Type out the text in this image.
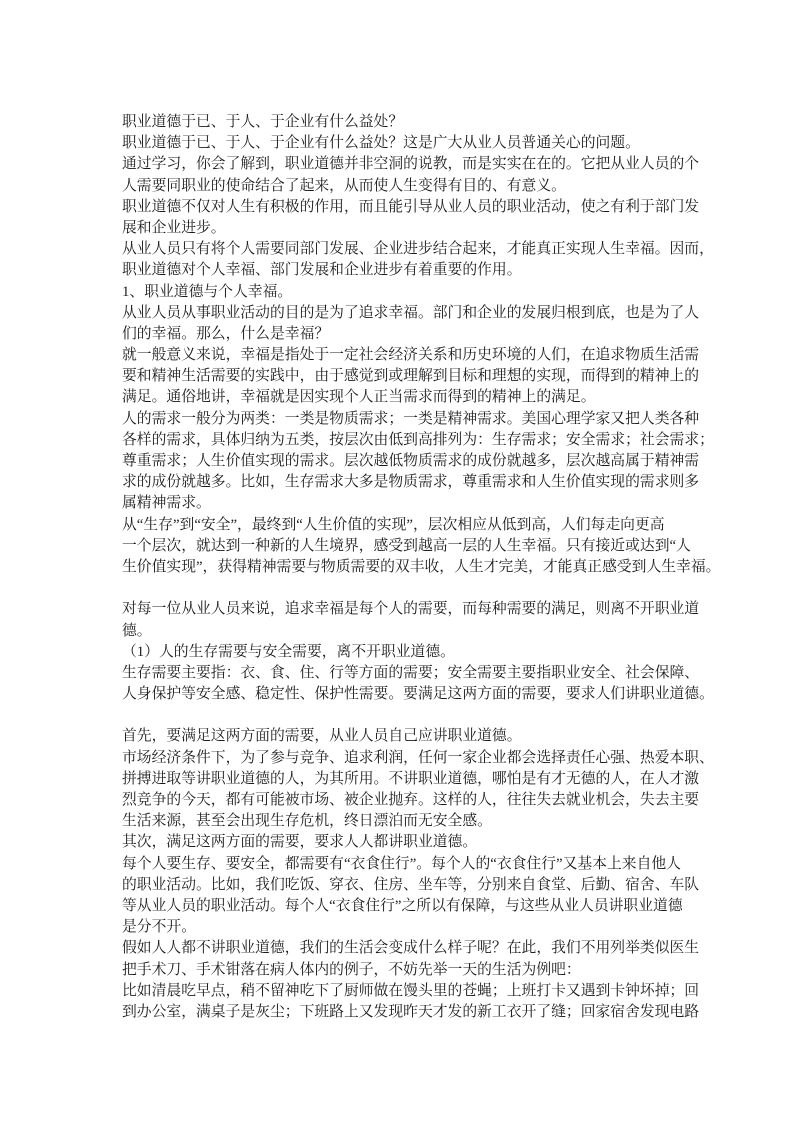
职业道德于已、于人、于企业有什么益处？
职业道德于已、于人、于企业有什么益处？这是广大从业人员普通关心的问题。
通过学习，你会了解到，职业道德并非空洞的说教，而是实实在在的。它把从业人员的个
人需要同职业的使命结合了起来，从而使人生变得有目的、有意义。
职业道德不仅对人生有积极的作用，而且能引导从业人员的职业活动，使之有利于部门发
展和企业进步。
从业人员只有将个人需要同部门发展、企业进步结合起来，才能真正实现人生幸福。因而，
职业道德对个人幸福、部门发展和企业进步有着重要的作用。
1、职业道德与个人幸福。
从业人员从事职业活动的目的是为了追求幸福。部门和企业的发展归根到底，也是为了人
们的幸福。那么，什么是幸福？
就一般意义来说，幸福是指处于一定社会经济关系和历史环境的人们，在追求物质生活需
要和精神生活需要的实践中，由于感觉到或理解到目标和理想的实现，而得到的精神上的
满足。通俗地讲，幸福就是因实现个人正当需求而得到的精神上的满足。
人的需求一般分为两类：一类是物质需求；一类是精神需求。美国心理学家又把人类各种
各样的需求，具体归纳为五类，按层次由低到高排列为：生存需求；安全需求；社会需求；
尊重需求；人生价值实现的需求。层次越低物质需求的成份就越多，层次越高属于精神需
求的成份就越多。比如，生存需求大多是物质需求，尊重需求和人生价值实现的需求则多
属精神需求。
从“生存”到“安全”，最终到“人生价值的实现”，层次相应从低到高，人们每走向更高
一个层次，就达到一种新的人生境界，感受到越高一层的人生幸福。只有接近或达到“人
生价值实现”，获得精神需要与物质需要的双丰收，人生才完美，才能真正感受到人生幸福。

对每一位从业人员来说，追求幸福是每个人的需要，而每种需要的满足，则离不开职业道
德。
（1）人的生存需要与安全需要，离不开职业道德。
生存需要主要指：衣、食、住、行等方面的需要；安全需要主要指职业安全、社会保障、
人身保护等安全感、稳定性、保护性需要。要满足这两方面的需要，要求人们讲职业道德。

首先，要满足这两方面的需要，从业人员自己应讲职业道德。
市场经济条件下，为了参与竞争、追求利润，任何一家企业都会选择责任心强、热爱本职、
拼搏进取等讲职业道德的人，为其所用。不讲职业道德，哪怕是有才无德的人，在人才激
烈竞争的今天，都有可能被市场、被企业抛弃。这样的人，往往失去就业机会，失去主要
生活来源，甚至会出现生存危机，终日漂泊而无安全感。
其次，满足这两方面的需要，要求人人都讲职业道德。
每个人要生存、要安全，都需要有“衣食住行”。每个人的“衣食住行”又基本上来自他人
的职业活动。比如，我们吃饭、穿衣、住房、坐车等，分别来自食堂、后勤、宿舍、车队
等从业人员的职业活动。每个人“衣食住行”之所以有保障，与这些从业人员讲职业道德
是分不开。
假如人人都不讲职业道德，我们的生活会变成什么样子呢？在此，我们不用列举类似医生
把手术刀、手术钳落在病人体内的例子，不妨先举一天的生活为例吧：
比如清晨吃早点，稍不留神吃下了厨师做在馒头里的苍蝇；上班打卡又遇到卡钟坏掉；回
到办公室，满桌子是灰尘；下班路上又发现昨天才发的新工衣开了缝；回家宿舍发现电路
